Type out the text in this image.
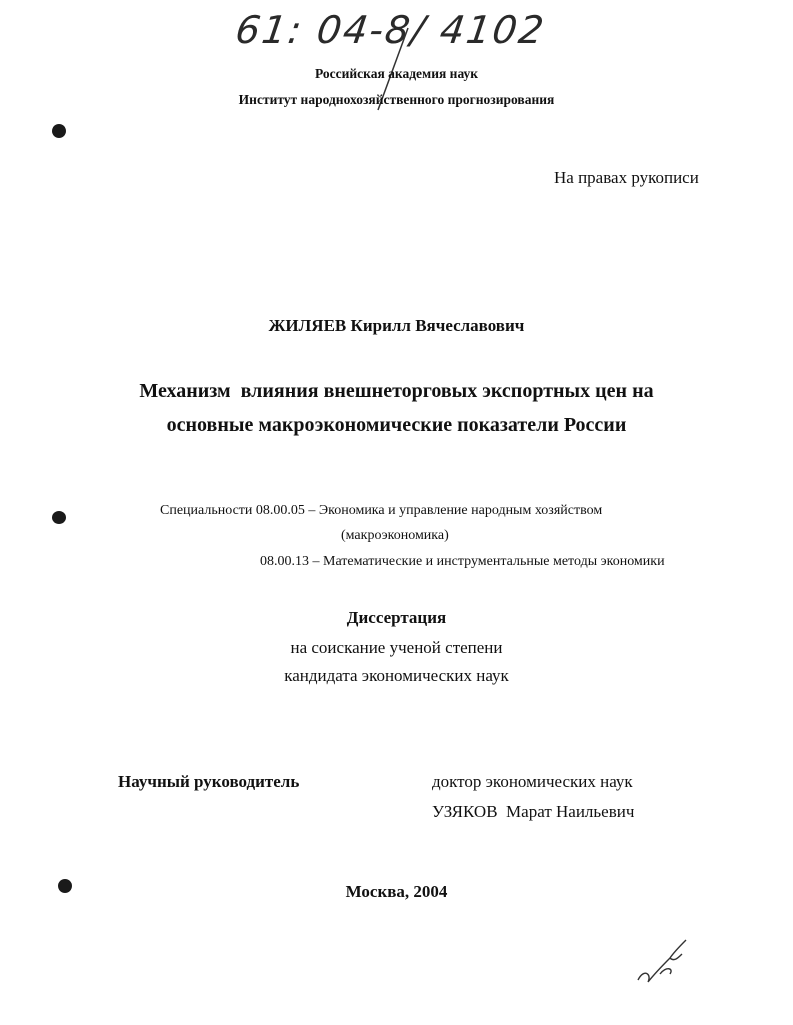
61: 04-8/ 4102
Российская академия наук
Институт народнохозяйственного прогнозирования
На правах рукописи
ЖИЛЯЕВ Кирилл Вячеславович
Механизм  влияния внешнеторговых экспортных цен на
основные макроэкономические показатели России
Специальности 08.00.05 – Экономика и управление народным хозяйством
(макроэкономика)
08.00.13 – Математические и инструментальные методы экономики
Диссертация
на соискание ученой степени
кандидата экономических наук
Научный руководитель	доктор экономических наук
УЗЯКОВ  Марат Наильевич
Москва, 2004
